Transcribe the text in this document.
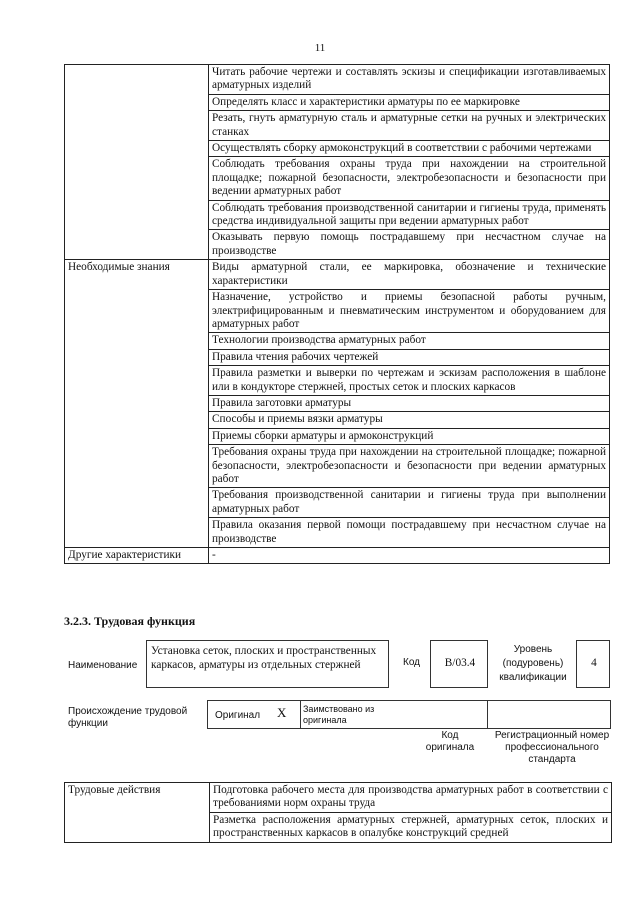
11
	Читать рабочие чертежи и составлять эскизы и спецификации изготавливаемых арматурных изделий
	Определять класс и характеристики арматуры по ее маркировке
	Резать, гнуть арматурную сталь и арматурные сетки на ручных и электрических станках
	Осуществлять сборку армоконструкций в соответствии с рабочими чертежами
	Соблюдать требования охраны труда при нахождении на строительной площадке; пожарной безопасности, электробезопасности и безопасности при ведении арматурных работ
	Соблюдать требования производственной санитарии и гигиены труда, применять средства индивидуальной защиты при ведении арматурных работ
	Оказывать первую помощь пострадавшему при несчастном случае на производстве
Необходимые знания	Виды арматурной стали, ее маркировка, обозначение и технические характеристики
	Назначение, устройство и приемы безопасной работы ручным, электрифицированным и пневматическим инструментом и оборудованием для арматурных работ
	Технологии производства арматурных работ
	Правила чтения рабочих чертежей
	Правила разметки и выверки по чертежам и эскизам расположения в шаблоне или в кондукторе стержней, простых сеток и плоских каркасов
	Правила заготовки арматуры
	Способы и приемы вязки арматуры
	Приемы сборки арматуры и армоконструкций
	Требования охраны труда при нахождении на строительной площадке; пожарной безопасности, электробезопасности и безопасности при ведении арматурных работ
	Требования производственной санитарии и гигиены труда при выполнении арматурных работ
	Правила оказания первой помощи пострадавшему при несчастном случае на производстве
Другие характеристики	-
3.2.3. Трудовая функция
Наименование
Установка сеток, плоских и пространственных каркасов, арматуры из отдельных стержней	Код	В/03.4
Уровень (подуровень) квалификации
4
Происхождение трудовой функции
Оригинал X Заимствовано из оригинала
Код оригинала
Регистрационный номер профессионального стандарта
Трудовые действия	Подготовка рабочего места для производства арматурных работ в соответствии с требованиями норм охраны труда
Разметка расположения арматурных стержней, арматурных сеток, плоских и пространственных каркасов в опалубке конструкций средней
